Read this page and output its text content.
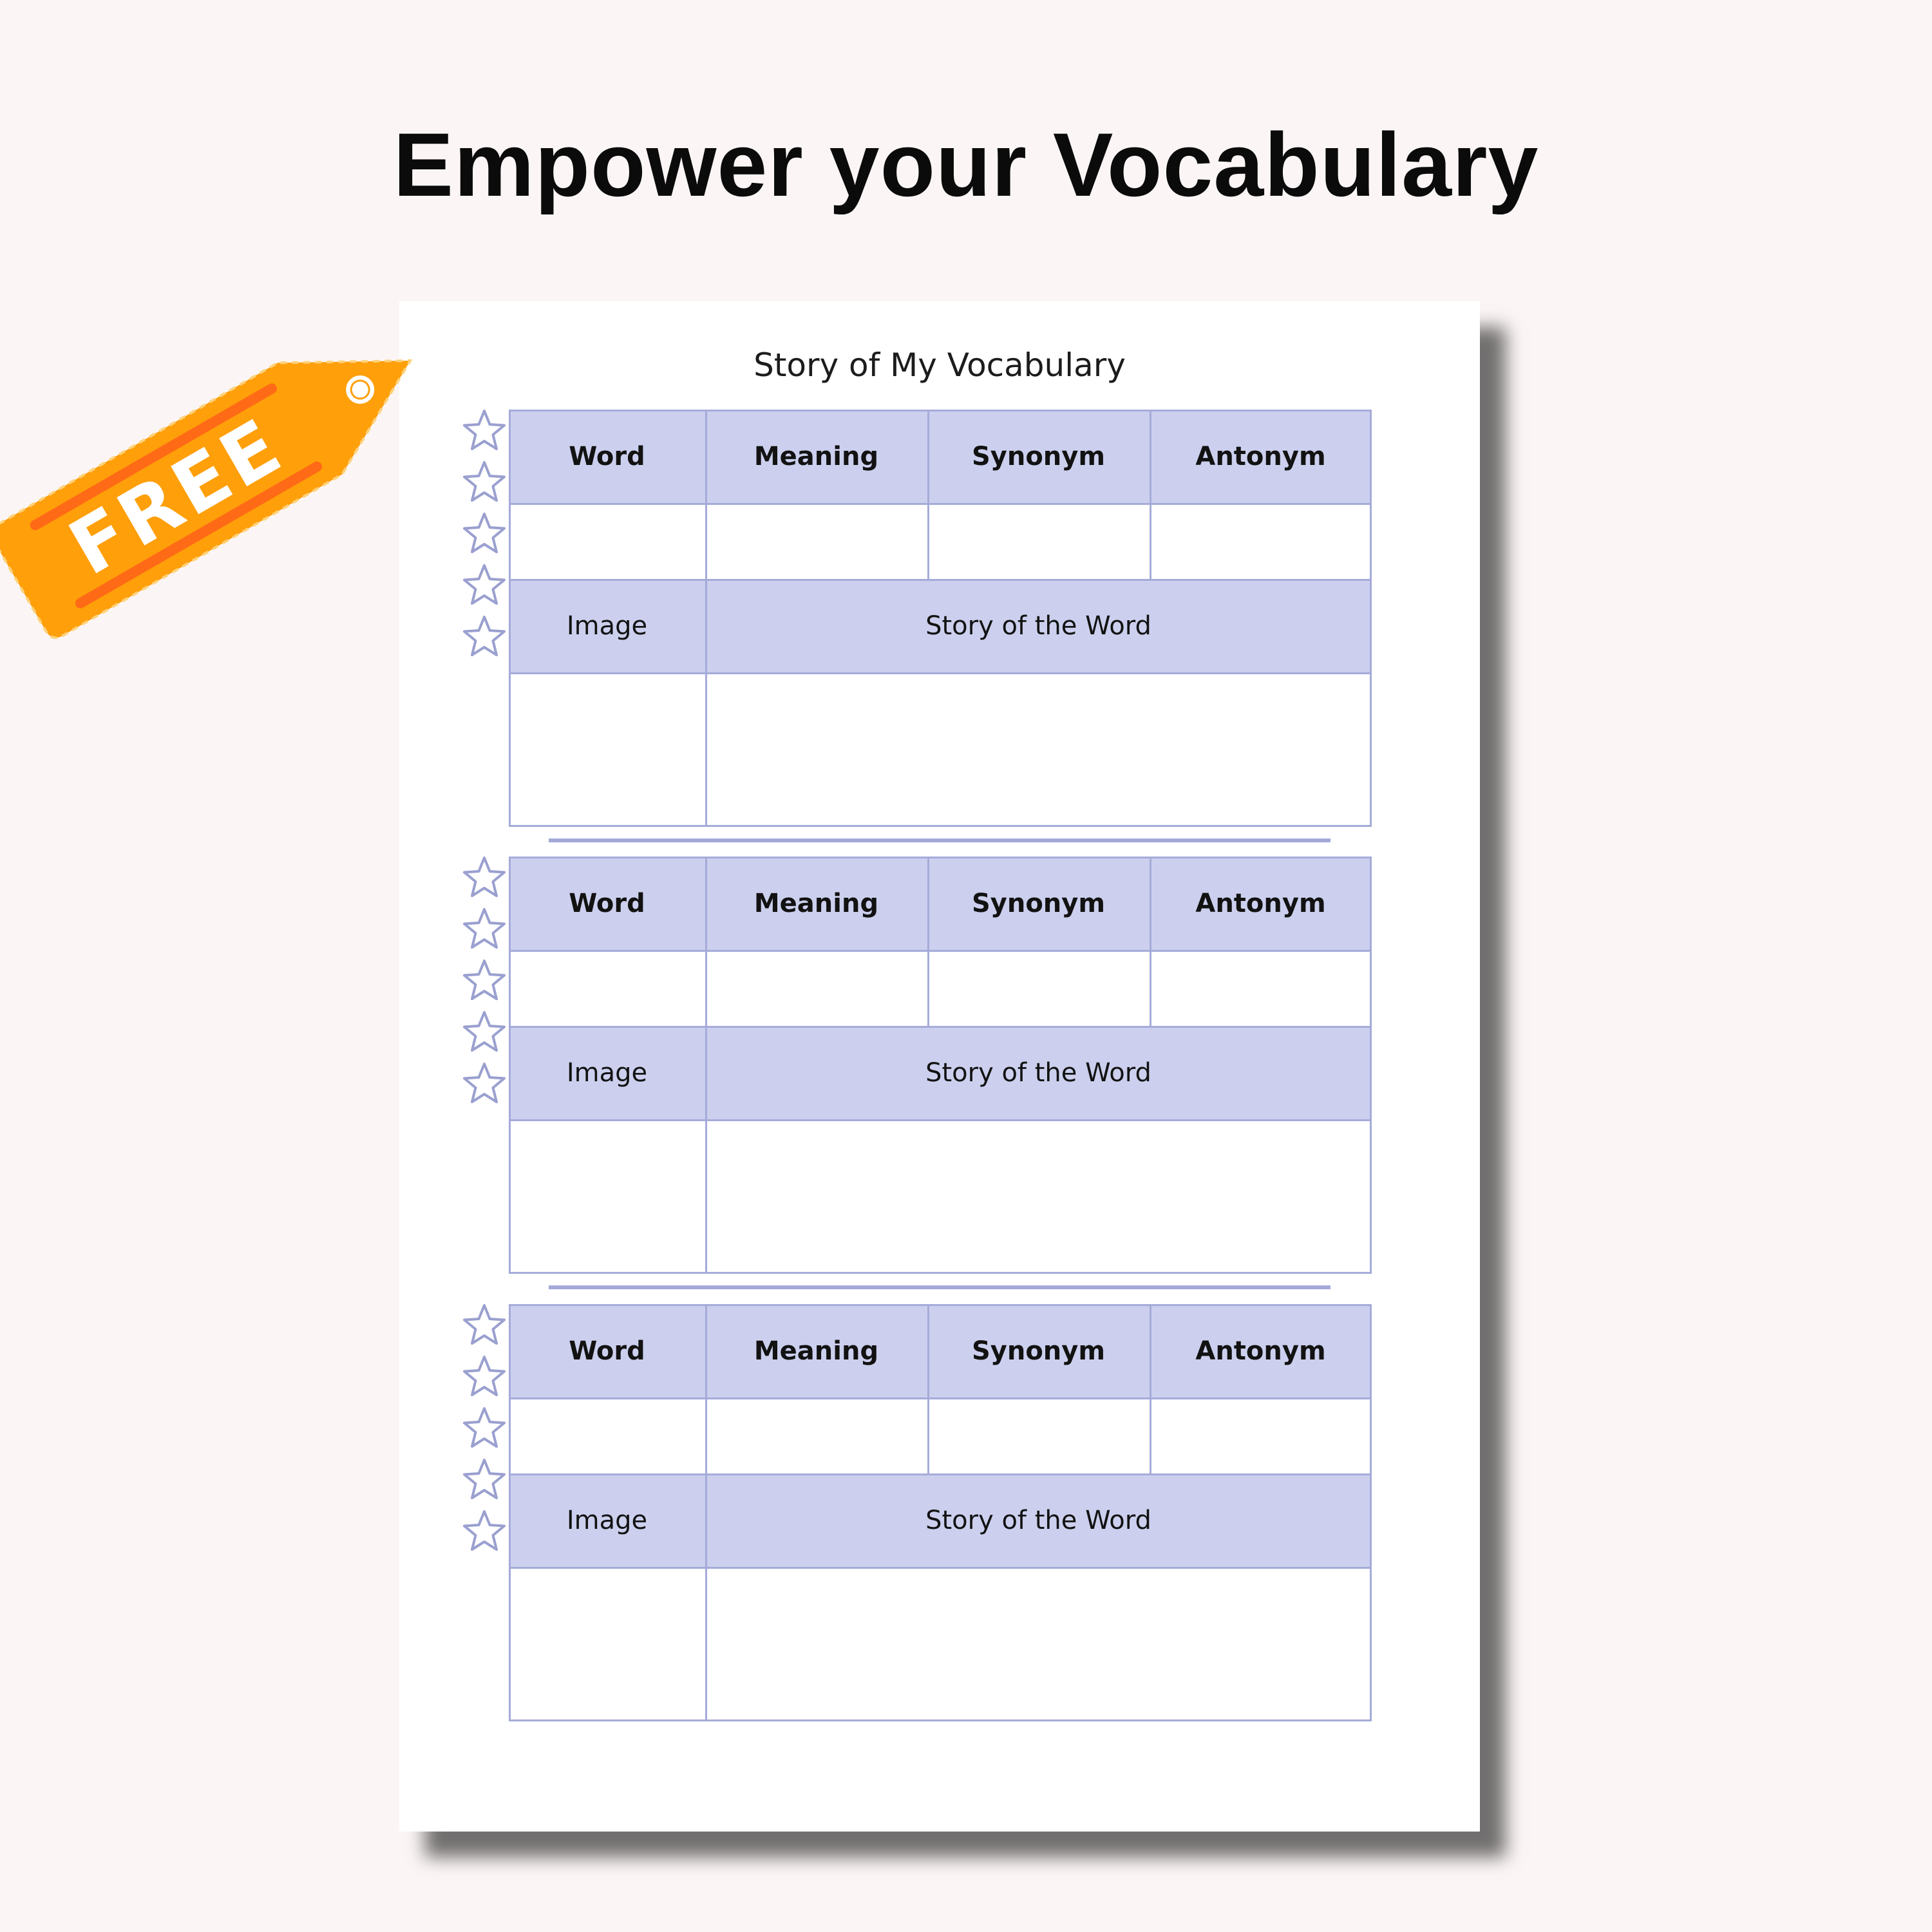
Empower your Vocabulary
Story of My Vocabulary
Word	Meaning	Synonym	Antonym
Image	Story of the Word
Word	Meaning	Synonym	Antonym
Image	Story of the Word
Word	Meaning	Synonym	Antonym
Image	Story of the Word
FREE
